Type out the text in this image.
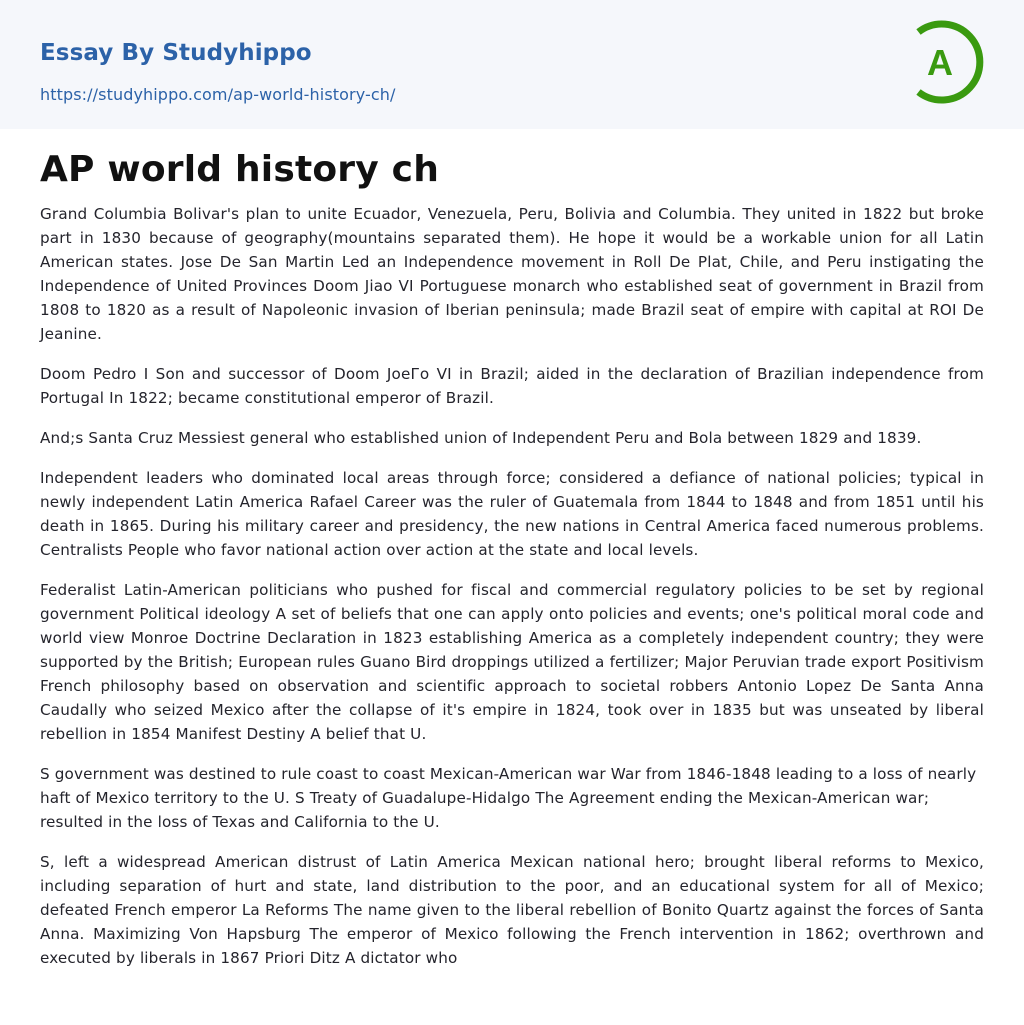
Essay By Studyhippo
https://studyhippo.com/ap-world-history-ch/
A
AP world history ch

Grand Columbia Bolivar's plan to unite Ecuador, Venezuela, Peru, Bolivia and Columbia. They united in 1822 but broke part in 1830 because of geography(mountains separated them). He hope it would be a workable union for all Latin American states. Jose De San Martin Led an Independence movement in Roll De Plat, Chile, and Peru instigating the Independence of United Provinces Doom Jiao VI Portuguese monarch who established seat of government in Brazil from 1808 to 1820 as a result of Napoleonic invasion of Iberian peninsula; made Brazil seat of empire with capital at ROI De Jeanine.

Doom Pedro I Son and successor of Doom JoeГo VI in Brazil; aided in the declaration of Brazilian independence from Portugal In 1822; became constitutional emperor of Brazil.

And;s Santa Cruz Messiest general who established union of Independent Peru and Bola between 1829 and 1839.

Independent leaders who dominated local areas through force; considered a defiance of national policies; typical in newly independent Latin America Rafael Career was the ruler of Guatemala from 1844 to 1848 and from 1851 until his death in 1865. During his military career and presidency, the new nations in Central America faced numerous problems. Centralists People who favor national action over action at the state and local levels.

Federalist Latin-American politicians who pushed for fiscal and commercial regulatory policies to be set by regional government Political ideology A set of beliefs that one can apply onto policies and events; one's political moral code and world view Monroe Doctrine Declaration in 1823 establishing America as a completely independent country; they were supported by the British; European rules Guano Bird droppings utilized a fertilizer; Major Peruvian trade export Positivism French philosophy based on observation and scientific approach to societal robbers Antonio Lopez De Santa Anna Caudally who seized Mexico after the collapse of it's empire in 1824, took over in 1835 but was unseated by liberal rebellion in 1854 Manifest Destiny A belief that U.

S government was destined to rule coast to coast Mexican-American war War from 1846-1848 leading to a loss of nearly haft of Mexico territory to the U. S Treaty of Guadalupe-Hidalgo The Agreement ending the Mexican-American war; resulted in the loss of Texas and California to the U.

S, left a widespread American distrust of Latin America Mexican national hero; brought liberal reforms to Mexico, including separation of hurt and state, land distribution to the poor, and an educational system for all of Mexico; defeated French emperor La Reforms The name given to the liberal rebellion of Bonito Quartz against the forces of Santa Anna. Maximizing Von Hapsburg The emperor of Mexico following the French intervention in 1862; overthrown and executed by liberals in 1867 Priori Ditz A dictator who
